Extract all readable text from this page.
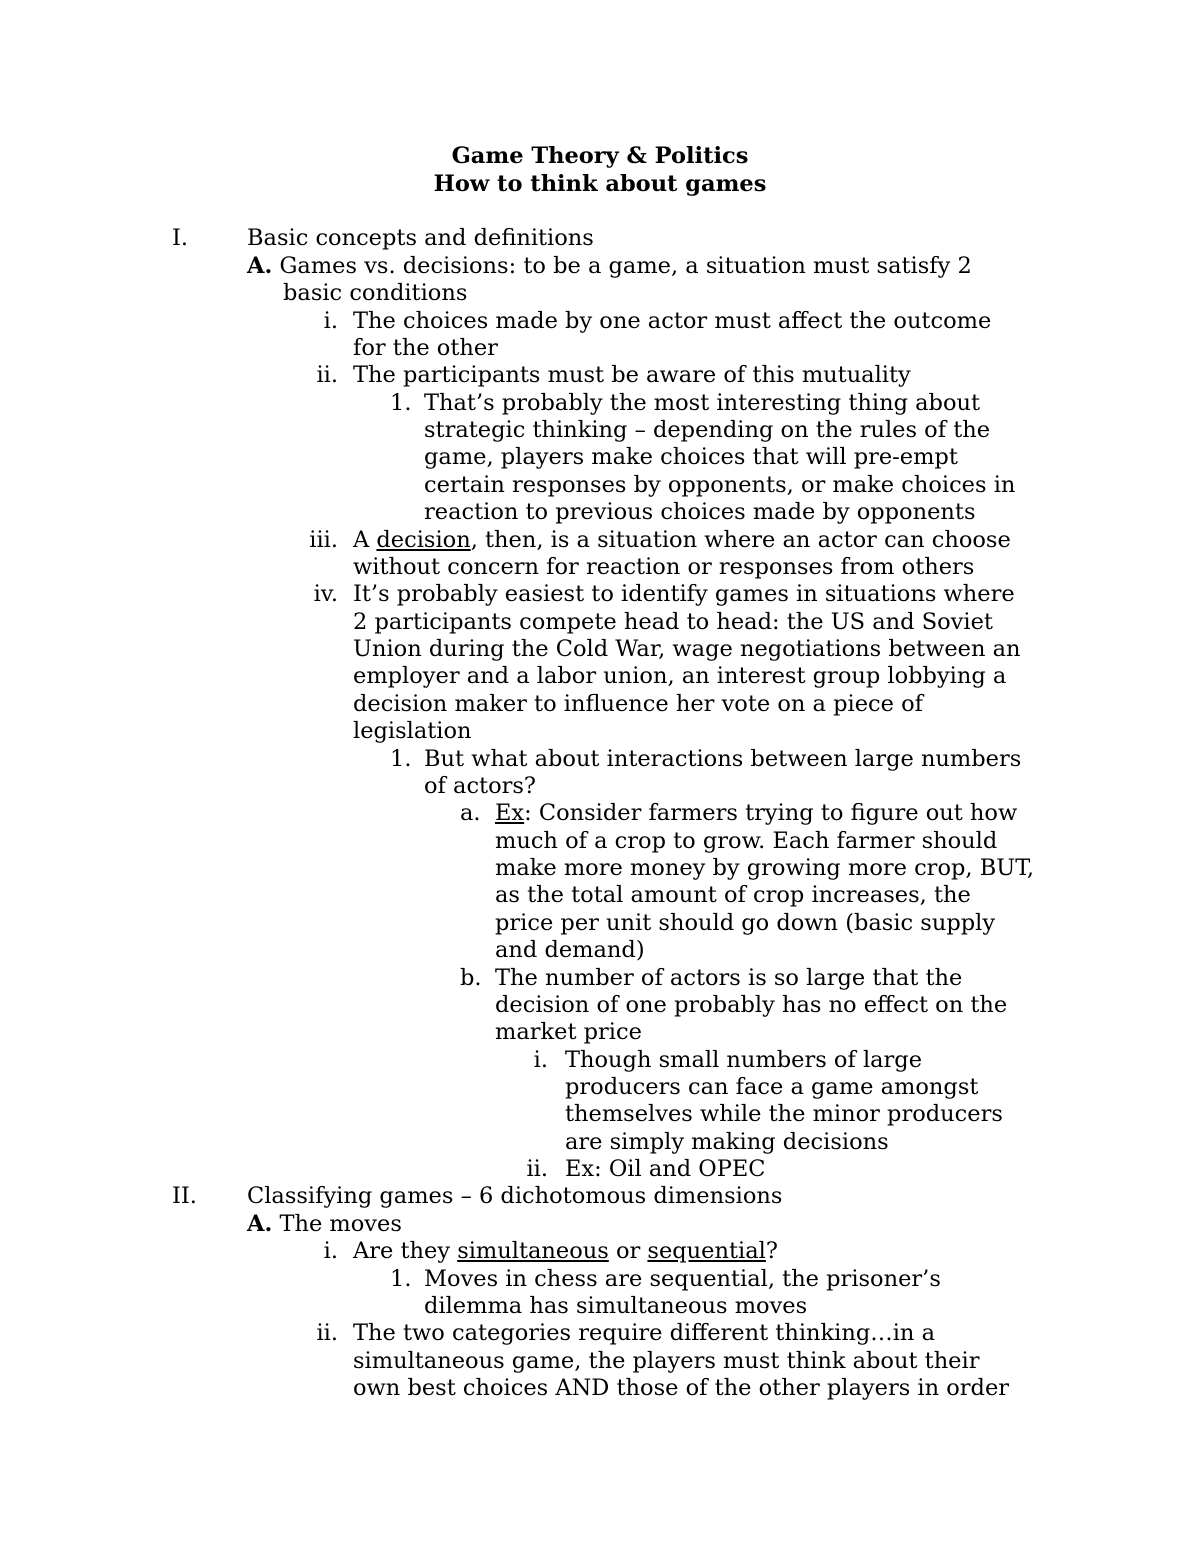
Game Theory & Politics
How to think about games
I.	Basic concepts and definitions
A. Games vs. decisions: to be a game, a situation must satisfy 2
basic conditions
i. The choices made by one actor must affect the outcome
for the other
ii. The participants must be aware of this mutuality
1. That’s probably the most interesting thing about
strategic thinking – depending on the rules of the
game, players make choices that will pre-empt
certain responses by opponents, or make choices in
reaction to previous choices made by opponents
iii. A decision, then, is a situation where an actor can choose
without concern for reaction or responses from others
iv. It’s probably easiest to identify games in situations where
2 participants compete head to head: the US and Soviet
Union during the Cold War, wage negotiations between an
employer and a labor union, an interest group lobbying a
decision maker to influence her vote on a piece of
legislation
1. But what about interactions between large numbers
of actors?
a. Ex: Consider farmers trying to figure out how
much of a crop to grow. Each farmer should
make more money by growing more crop, BUT,
as the total amount of crop increases, the
price per unit should go down (basic supply
and demand)
b. The number of actors is so large that the
decision of one probably has no effect on the
market price
i. Though small numbers of large
producers can face a game amongst
themselves while the minor producers
are simply making decisions
ii. Ex: Oil and OPEC
II. Classifying games – 6 dichotomous dimensions
A. The moves
i. Are they simultaneous or sequential?
1. Moves in chess are sequential, the prisoner’s
dilemma has simultaneous moves
ii. The two categories require different thinking…in a
simultaneous game, the players must think about their
own best choices AND those of the other players in order
